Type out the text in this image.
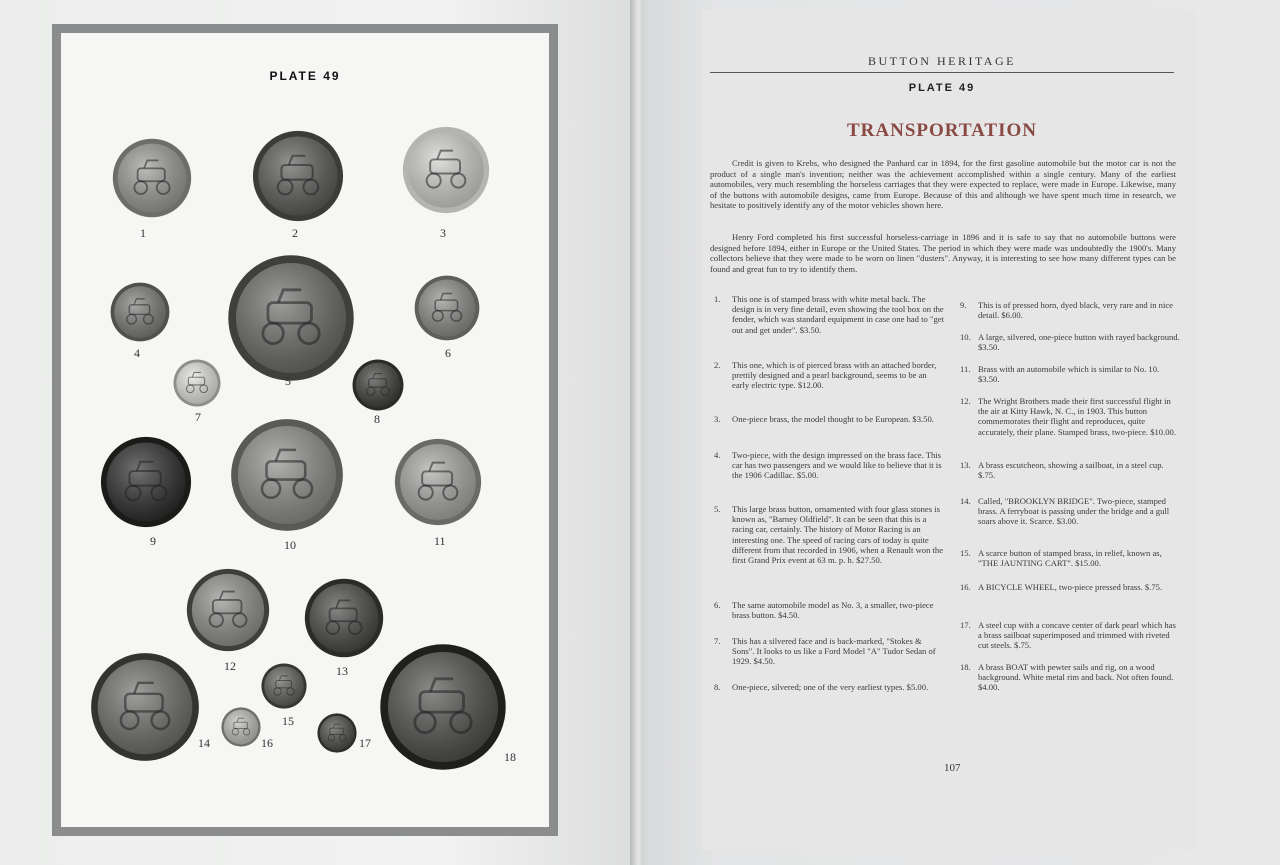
PLATE 49
1	2	3
4
5
6
7	8
9	10	11
12	13
14
15
16	17
18
BUTTON HERITAGE
PLATE 49
TRANSPORTATION

Credit is given to Krebs, who designed the Panhard car in 1894, for the first gasoline automobile but the motor car is not the product of a single man's invention; neither was the achievement accomplished within a single century. Many of the earliest automobiles, very much resembling the horseless carriages that they were expected to replace, were made in Europe. Likewise, many of the buttons with automobile designs, came from Europe. Because of this and although we have spent much time in research, we hesitate to positively identify any of the motor vehicles shown here.

Henry Ford completed his first successful horseless-carriage in 1896 and it is safe to say that no automobile buttons were designed before 1894, either in Europe or the United States. The period in which they were made was undoubtedly the 1900's. Many collectors believe that they were made to be worn on linen "dusters". Anyway, it is interesting to see how many different types can be found and great fun to try to identify them.

1. This one is of stamped brass with white metal back. The design is in very fine detail, even showing the tool box on the fender, which was standard equipment in case one had to "get out and get under". $3.50.
2. This one, which is of pierced brass with an attached border, prettily designed and a pearl background, seems to be an early electric type. $12.00.
3. One-piece brass, the model thought to be European. $3.50.
4. Two-piece, with the design impressed on the brass face. This car has two passengers and we would like to believe that it is the 1906 Cadillac. $5.00.
5. This large brass button, ornamented with four glass stones is known as, "Barney Oldfield". It can be seen that this is a racing car, certainly. The history of Motor Racing is an interesting one. The speed of racing cars of today is quite different from that recorded in 1906, when a Renault won the first Grand Prix event at 63 m. p. h. $27.50.
6. The same automobile model as No. 3, a smaller, two-piece brass button. $4.50.
7. This has a silvered face and is back-marked, "Stokes & Sons". It looks to us like a Ford Model "A" Tudor Sedan of 1929. $4.50.
8. One-piece, silvered; one of the very earliest types. $5.00.
9. This is of pressed horn, dyed black, very rare and in nice detail. $6.00.
10. A large, silvered, one-piece button with rayed background. $3.50.
11. Brass with an automobile which is similar to No. 10. $3.50.
12. The Wright Brothers made their first successful flight in the air at Kitty Hawk, N. C., in 1903. This button commemorates their flight and reproduces, quite accurately, their plane. Stamped brass, two-piece. $10.00.
13. A brass escutcheon, showing a sailboat, in a steel cup. $.75.
14. Called, "BROOKLYN BRIDGE". Two-piece, stamped brass. A ferryboat is passing under the bridge and a gull soars above it. Scarce. $3.00.
15. A scarce button of stamped brass, in relief, known as, "THE JAUNTING CART". $15.00.
16. A BICYCLE WHEEL, two-piece pressed brass. $.75.
17. A steel cup with a concave center of dark pearl which has a brass sailboat superimposed and trimmed with riveted cut steels. $.75.
18. A brass BOAT with pewter sails and rig, on a wood background. White metal rim and back. Not often found. $4.00.
107
